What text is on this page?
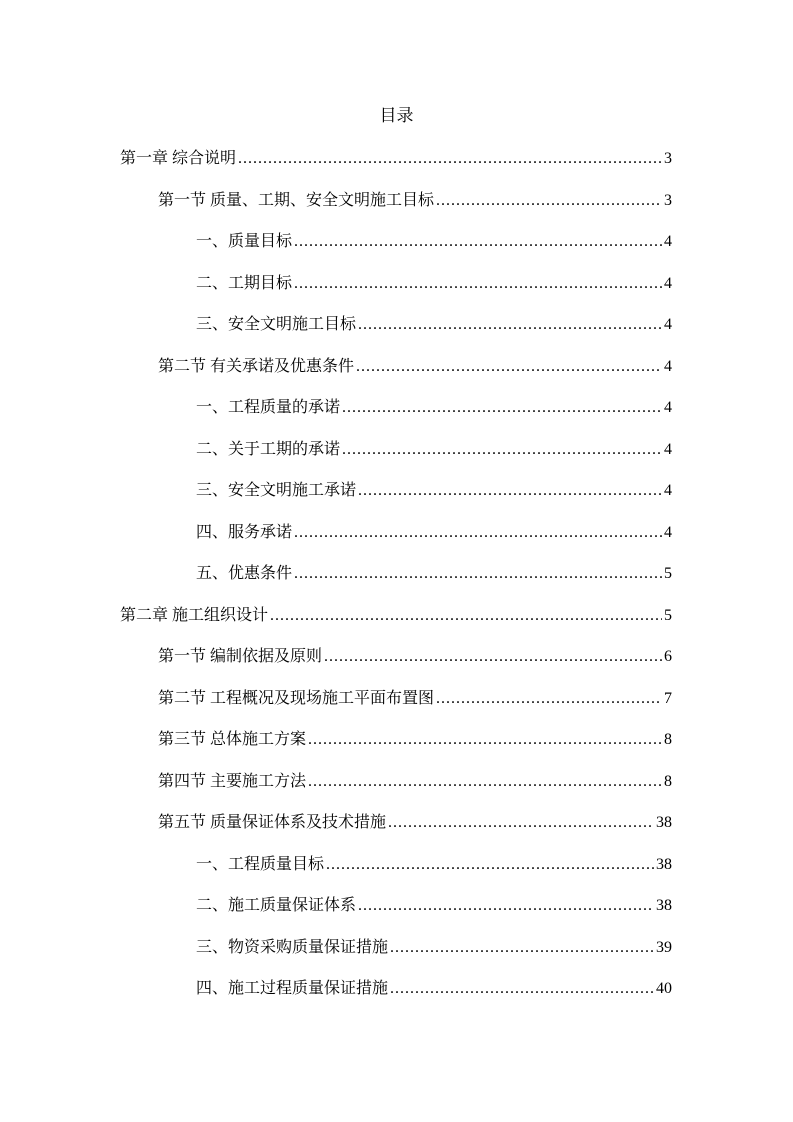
目录
第一章 综合说明 .....	3
第一节 质量、工期、安全文明施工目标 .....	3
一、质量目标 .....	4
二、工期目标 .....	4
三、安全文明施工目标 .....	4
第二节 有关承诺及优惠条件 .....	4
一、工程质量的承诺 .....	4
二、关于工期的承诺 .....	4
三、安全文明施工承诺 .....	4
四、服务承诺 .....	4
五、优惠条件 .....	5
第二章 施工组织设计 .....	5
第一节 编制依据及原则 .....	6
第二节 工程概况及现场施工平面布置图 .....	7
第三节 总体施工方案 .....	8
第四节 主要施工方法 .....	8
第五节 质量保证体系及技术措施 .....	38
一、工程质量目标 .....	38
二、施工质量保证体系 .....	38
三、物资采购质量保证措施 .....	39
四、施工过程质量保证措施 .....	40
